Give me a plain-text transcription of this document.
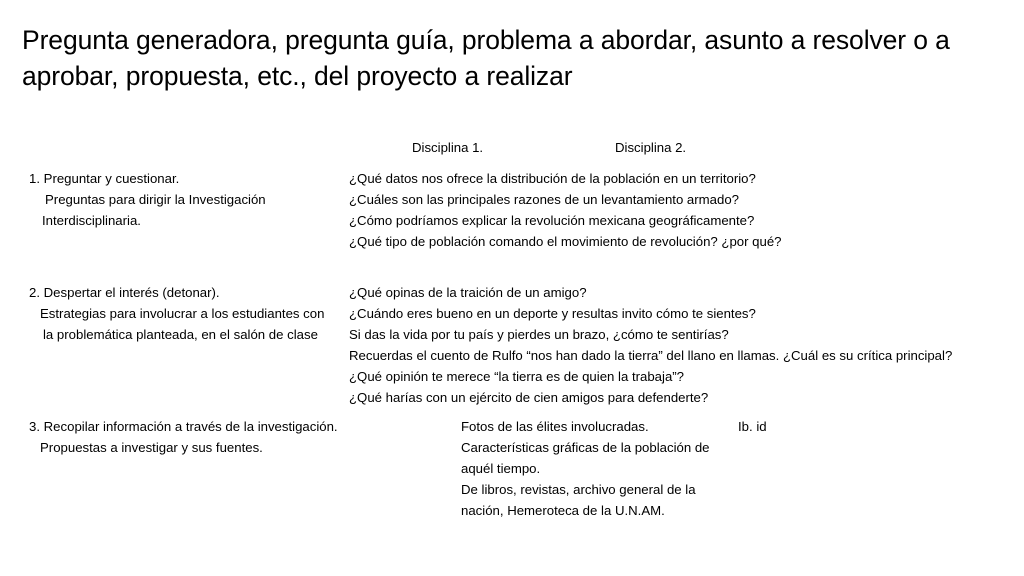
Pregunta generadora, pregunta guía, problema a abordar, asunto a resolver o a aprobar, propuesta, etc., del proyecto a realizar
Disciplina 1.	Disciplina 2.
1. Preguntar y cuestionar.
Preguntas para dirigir la Investigación
Interdisciplinaria.
¿Qué datos nos ofrece la distribución de la población en un territorio?
¿Cuáles son las principales razones de un levantamiento armado?
¿Cómo podríamos explicar la revolución mexicana geográficamente?
¿Qué tipo de población comando el movimiento de revolución? ¿por qué?
2. Despertar el interés (detonar).
Estrategias para involucrar a los estudiantes con
la problemática planteada, en el salón de clase
¿Qué opinas de la traición de un amigo?
¿Cuándo eres bueno en un deporte y resultas invito cómo te sientes?
Si das la vida por tu país y pierdes un brazo, ¿cómo te sentirías?
Recuerdas el cuento de Rulfo “nos han dado la tierra” del llano en llamas. ¿Cuál es su crítica principal?
¿Qué opinión te merece “la tierra es de quien la trabaja”?
¿Qué harías con un ejército de cien amigos para defenderte?
3. Recopilar información a través de la investigación.
Propuestas a investigar y sus fuentes.
Fotos de las élites involucradas.
Características gráficas de la población de
aquél tiempo.
De libros, revistas, archivo general de la
nación, Hemeroteca de la U.N.AM.
Ib. id
